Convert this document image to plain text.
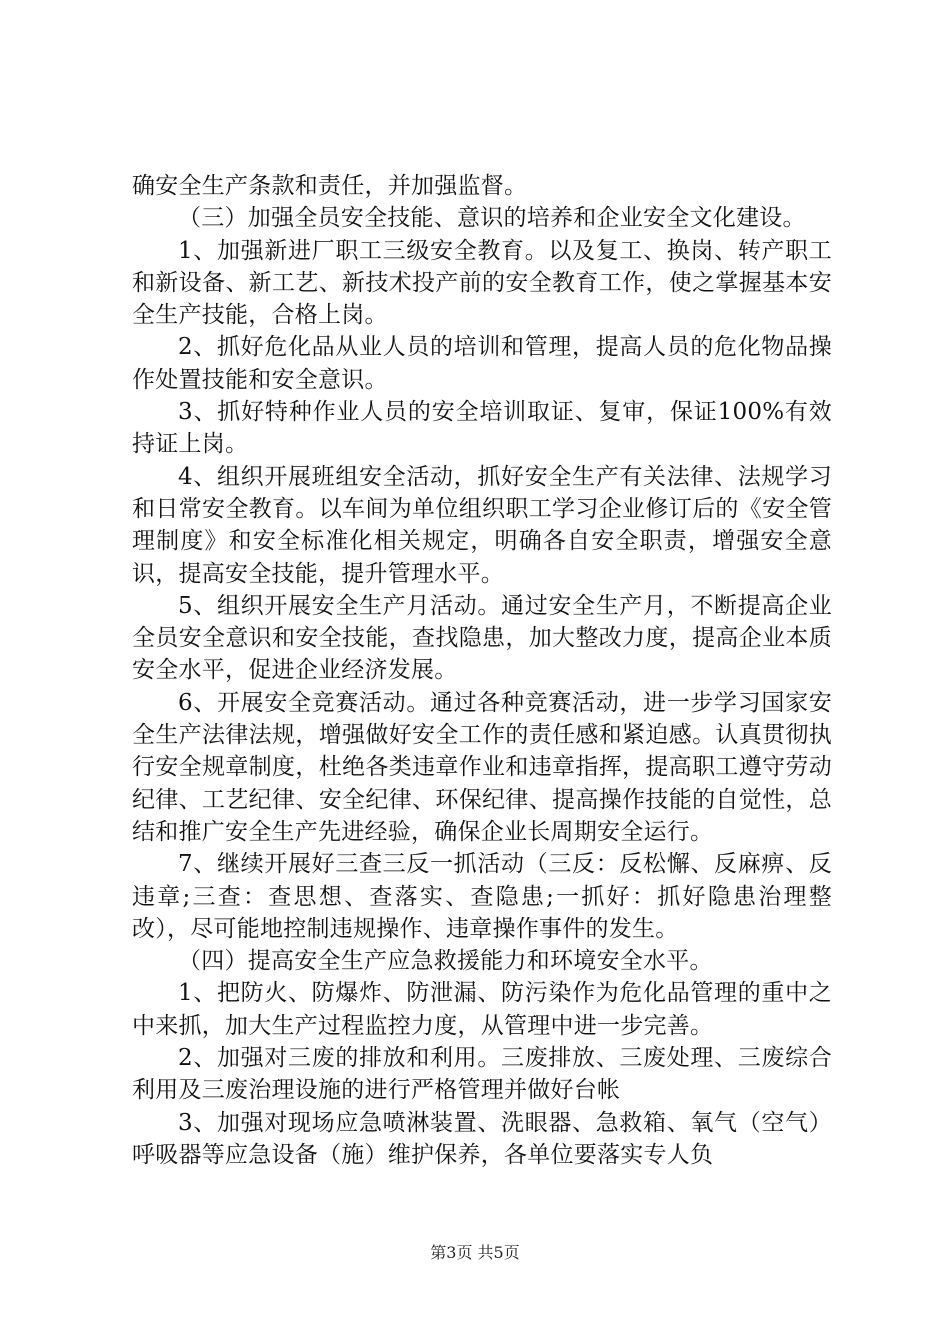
确安全生产条款和责任，并加强监督。

（三）加强全员安全技能、意识的培养和企业安全文化建设。

1、加强新进厂职工三级安全教育。以及复工、换岗、转产职工和新设备、新工艺、新技术投产前的安全教育工作，使之掌握基本安全生产技能，合格上岗。

2、抓好危化品从业人员的培训和管理，提高人员的危化物品操作处置技能和安全意识。

3、抓好特种作业人员的安全培训取证、复审，保证100%有效持证上岗。

4、组织开展班组安全活动，抓好安全生产有关法律、法规学习和日常安全教育。以车间为单位组织职工学习企业修订后的《安全管理制度》和安全标准化相关规定，明确各自安全职责，增强安全意识，提高安全技能，提升管理水平。

5、组织开展安全生产月活动。通过安全生产月，不断提高企业全员安全意识和安全技能，查找隐患，加大整改力度，提高企业本质安全水平，促进企业经济发展。

6、开展安全竞赛活动。通过各种竞赛活动，进一步学习国家安全生产法律法规，增强做好安全工作的责任感和紧迫感。认真贯彻执行安全规章制度，杜绝各类违章作业和违章指挥，提高职工遵守劳动纪律、工艺纪律、安全纪律、环保纪律、提高操作技能的自觉性，总结和推广安全生产先进经验，确保企业长周期安全运行。

7、继续开展好三查三反一抓活动（三反：反松懈、反麻痹、反违章;三查：查思想、查落实、查隐患;一抓好：抓好隐患治理整改），尽可能地控制违规操作、违章操作事件的发生。

（四）提高安全生产应急救援能力和环境安全水平。

1、把防火、防爆炸、防泄漏、防污染作为危化品管理的重中之中来抓，加大生产过程监控力度，从管理中进一步完善。

2、加强对三废的排放和利用。三废排放、三废处理、三废综合利用及三废治理设施的进行严格管理并做好台帐

3、加强对现场应急喷淋装置、洗眼器、急救箱、氧气（空气）呼吸器等应急设备（施）维护保养，各单位要落实专人负

第3页 共5页
